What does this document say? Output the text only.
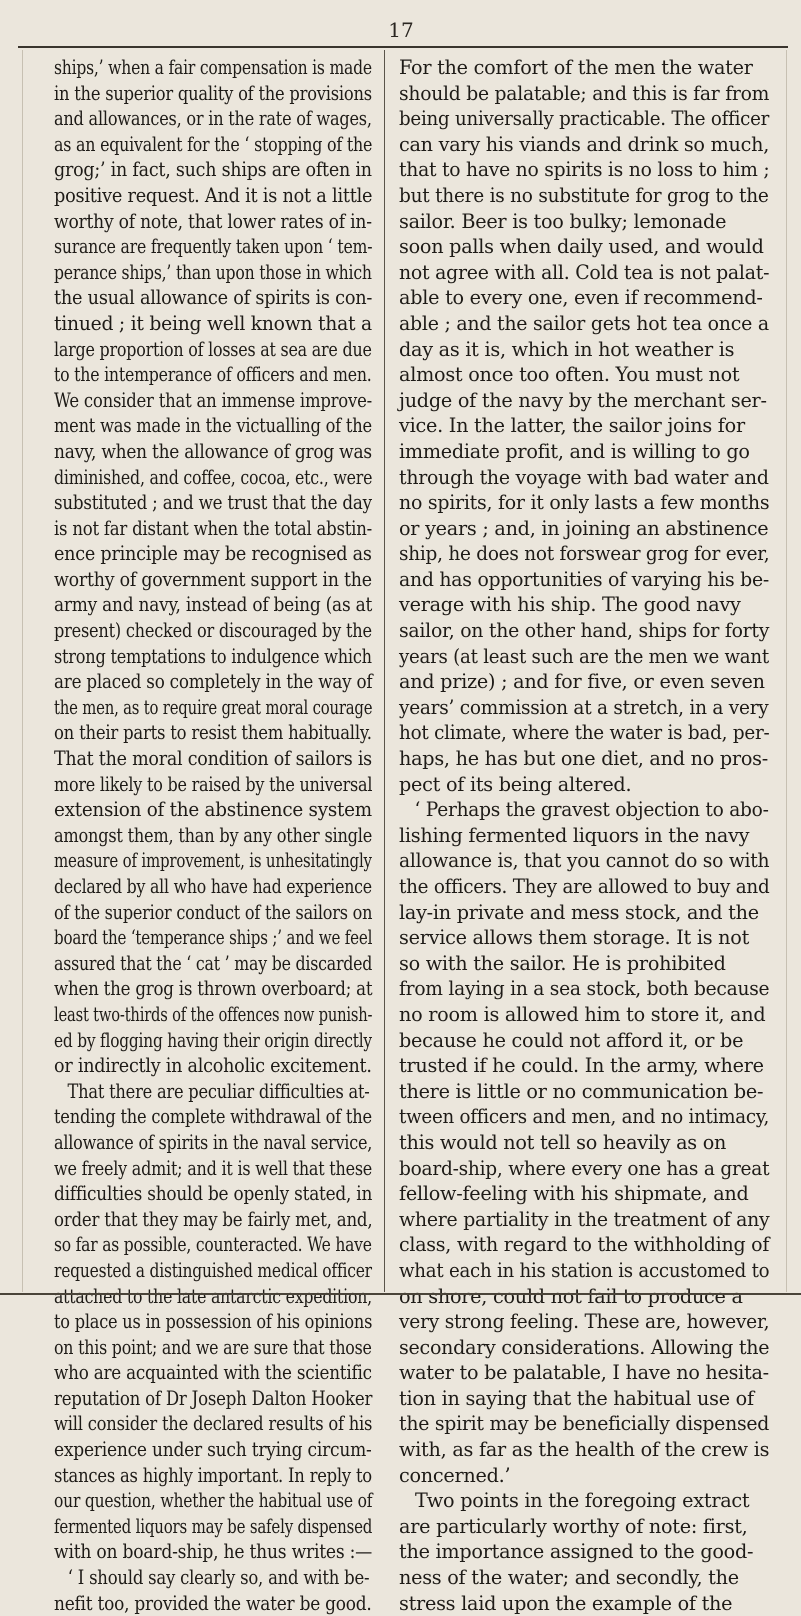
17
ships,’ when a fair compensation is made
in the superior quality of the provisions
and allowances, or in the rate of wages,
as an equivalent for the ‘ stopping of the
grog;’ in fact, such ships are often in
positive request. And it is not a little
worthy of note, that lower rates of in-
surance are frequently taken upon ‘ tem-
perance ships,’ than upon those in which
the usual allowance of spirits is con-
tinued ; it being well known that a
large proportion of losses at sea are due
to the intemperance of officers and men.
We consider that an immense improve-
ment was made in the victualling of the
navy, when the allowance of grog was
diminished, and coffee, cocoa, etc., were
substituted ; and we trust that the day
is not far distant when the total abstin-
ence principle may be recognised as
worthy of government support in the
army and navy, instead of being (as at
present) checked or discouraged by the
strong temptations to indulgence which
are placed so completely in the way of
the men, as to require great moral courage
on their parts to resist them habitually.
That the moral condition of sailors is
more likely to be raised by the universal
extension of the abstinence system
amongst them, than by any other single
measure of improvement, is unhesitatingly
declared by all who have had experience
of the superior conduct of the sailors on
board the ‘temperance ships ;’ and we feel
assured that the ‘ cat ’ may be discarded
when the grog is thrown overboard; at
least two-thirds of the offences now punish-
ed by flogging having their origin directly
or indirectly in alcoholic excitement.
That there are peculiar difficulties at-
tending the complete withdrawal of the
allowance of spirits in the naval service,
we freely admit; and it is well that these
difficulties should be openly stated, in
order that they may be fairly met, and,
so far as possible, counteracted. We have
requested a distinguished medical officer
attached to the late antarctic expedition,
to place us in possession of his opinions
on this point; and we are sure that those
who are acquainted with the scientific
reputation of Dr Joseph Dalton Hooker
will consider the declared results of his
experience under such trying circum-
stances as highly important. In reply to
our question, whether the habitual use of
fermented liquors may be safely dispensed
with on board-ship, he thus writes :—
‘ I should say clearly so, and with be-
nefit too, provided the water be good.
For the comfort of the men the water
should be palatable; and this is far from
being universally practicable. The officer
can vary his viands and drink so much,
that to have no spirits is no loss to him ;
but there is no substitute for grog to the
sailor. Beer is too bulky; lemonade
soon palls when daily used, and would
not agree with all. Cold tea is not palat-
able to every one, even if recommend-
able ; and the sailor gets hot tea once a
day as it is, which in hot weather is
almost once too often. You must not
judge of the navy by the merchant ser-
vice. In the latter, the sailor joins for
immediate profit, and is willing to go
through the voyage with bad water and
no spirits, for it only lasts a few months
or years ; and, in joining an abstinence
ship, he does not forswear grog for ever,
and has opportunities of varying his be-
verage with his ship. The good navy
sailor, on the other hand, ships for forty
years (at least such are the men we want
and prize) ; and for five, or even seven
years’ commission at a stretch, in a very
hot climate, where the water is bad, per-
haps, he has but one diet, and no pros-
pect of its being altered.
‘ Perhaps the gravest objection to abo-
lishing fermented liquors in the navy
allowance is, that you cannot do so with
the officers. They are allowed to buy and
lay-in private and mess stock, and the
service allows them storage. It is not
so with the sailor. He is prohibited
from laying in a sea stock, both because
no room is allowed him to store it, and
because he could not afford it, or be
trusted if he could. In the army, where
there is little or no communication be-
tween officers and men, and no intimacy,
this would not tell so heavily as on
board-ship, where every one has a great
fellow-feeling with his shipmate, and
where partiality in the treatment of any
class, with regard to the withholding of
what each in his station is accustomed to
on shore, could not fail to produce a
very strong feeling. These are, however,
secondary considerations. Allowing the
water to be palatable, I have no hesita-
tion in saying that the habitual use of
the spirit may be beneficially dispensed
with, as far as the health of the crew is
concerned.’
Two points in the foregoing extract
are particularly worthy of note: first,
the importance assigned to the good-
ness of the water; and secondly, the
stress laid upon the example of the
